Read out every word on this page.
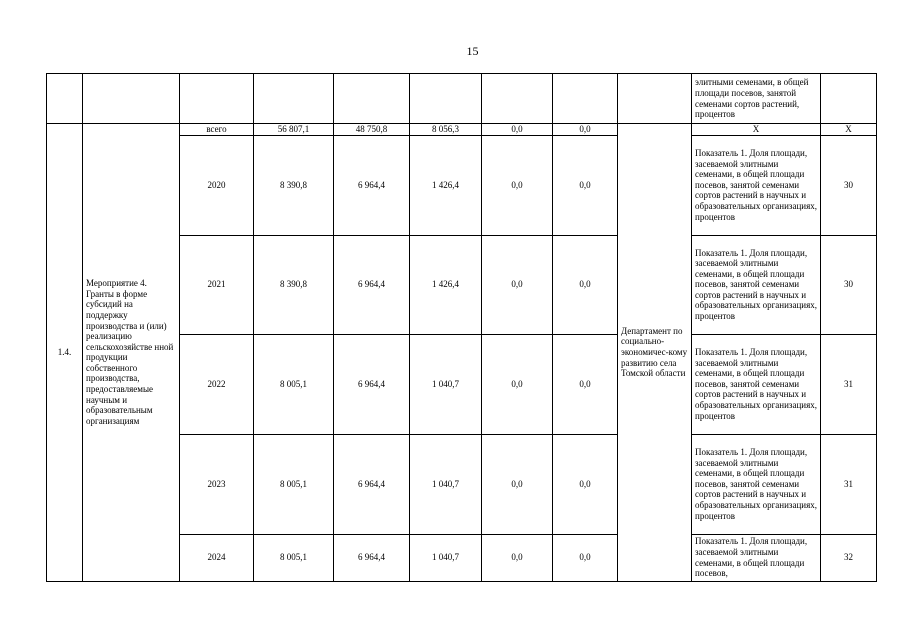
15
									элитными семенами, в общей площади посевов, занятой семенами сортов растений, процентов	
1.4.	Мероприятие 4. Гранты в форме субсидий на поддержку производства и (или) реализацию сельскохозяйстве нной продукции собственного производства, предоставляемые научным и образовательным организациям	всего	56 807,1	48 750,8	8 056,3	0,0	0,0	Департамент по социально-экономичес-кому развитию села Томской области	X	X
		2020	8 390,8	6 964,4	1 426,4	0,0	0,0		Показатель 1. Доля площади, засеваемой элитными семенами, в общей площади посевов, занятой семенами сортов растений в научных и образовательных организациях, процентов	30
		2021	8 390,8	6 964,4	1 426,4	0,0	0,0		Показатель 1. Доля площади, засеваемой элитными семенами, в общей площади посевов, занятой семенами сортов растений в научных и образовательных организациях, процентов	30
		2022	8 005,1	6 964,4	1 040,7	0,0	0,0		Показатель 1. Доля площади, засеваемой элитными семенами, в общей площади посевов, занятой семенами сортов растений в научных и образовательных организациях, процентов	31
		2023	8 005,1	6 964,4	1 040,7	0,0	0,0		Показатель 1. Доля площади, засеваемой элитными семенами, в общей площади посевов, занятой семенами сортов растений в научных и образовательных организациях, процентов	31
		2024	8 005,1	6 964,4	1 040,7	0,0	0,0		Показатель 1. Доля площади, засеваемой элитными семенами, в общей площади посевов,	32
